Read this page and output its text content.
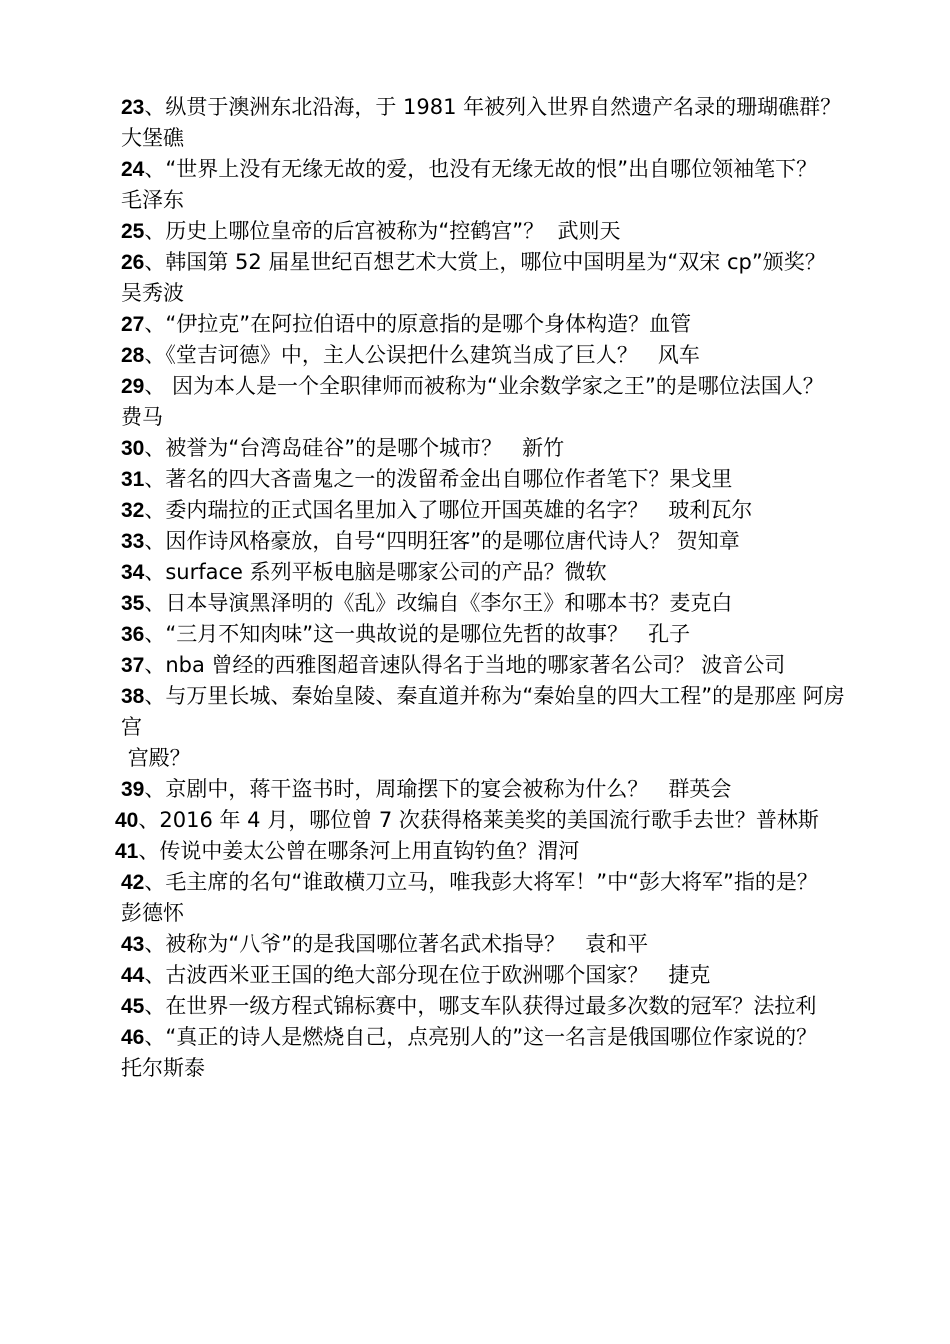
23、纵贯于澳洲东北沿海，于 1981 年被列入世界自然遗产名录的珊瑚礁群？大堡礁

24、“世界上没有无缘无故的爱，也没有无缘无故的恨”出自哪位领袖笔下？  毛泽东

25、历史上哪位皇帝的后宫被称为“控鹤宫”？  武则天

26、韩国第 52 届星世纪百想艺术大赏上，哪位中国明星为“双宋 cp”颁奖？吴秀波

27、“伊拉克”在阿拉伯语中的原意指的是哪个身体构造？血管

28、《堂吉诃德》中，主人公误把什么建筑当成了巨人？   风车

29、 因为本人是一个全职律师而被称为“业余数学家之王”的是哪位法国人？ 费马

30、被誉为“台湾岛硅谷”的是哪个城市？   新竹

31、著名的四大吝啬鬼之一的泼留希金出自哪位作者笔下？果戈里

32、委内瑞拉的正式国名里加入了哪位开国英雄的名字？   玻利瓦尔

33、因作诗风格豪放，自号“四明狂客”的是哪位唐代诗人？ 贺知章

34、surface 系列平板电脑是哪家公司的产品？微软

35、日本导演黑泽明的《乱》改编自《李尔王》和哪本书？麦克白

36、“三月不知肉味”这一典故说的是哪位先哲的故事？   孔子

37、nba 曾经的西雅图超音速队得名于当地的哪家著名公司？ 波音公司

38、与万里长城、秦始皇陵、秦直道并称为“秦始皇的四大工程”的是那座 阿房宫
宫殿？

39、京剧中，蒋干盗书时，周瑜摆下的宴会被称为什么？   群英会

40、2016 年 4 月，哪位曾 7 次获得格莱美奖的美国流行歌手去世？普林斯

41、传说中姜太公曾在哪条河上用直钩钓鱼？渭河

42、毛主席的名句“谁敢横刀立马，唯我彭大将军！”中“彭大将军”指的是？ 彭德怀

43、被称为“八爷”的是我国哪位著名武术指导？   袁和平

44、古波西米亚王国的绝大部分现在位于欧洲哪个国家？   捷克

45、在世界一级方程式锦标赛中，哪支车队获得过最多次数的冠军？法拉利

46、“真正的诗人是燃烧自己，点亮别人的”这一名言是俄国哪位作家说的？   托尔斯泰
